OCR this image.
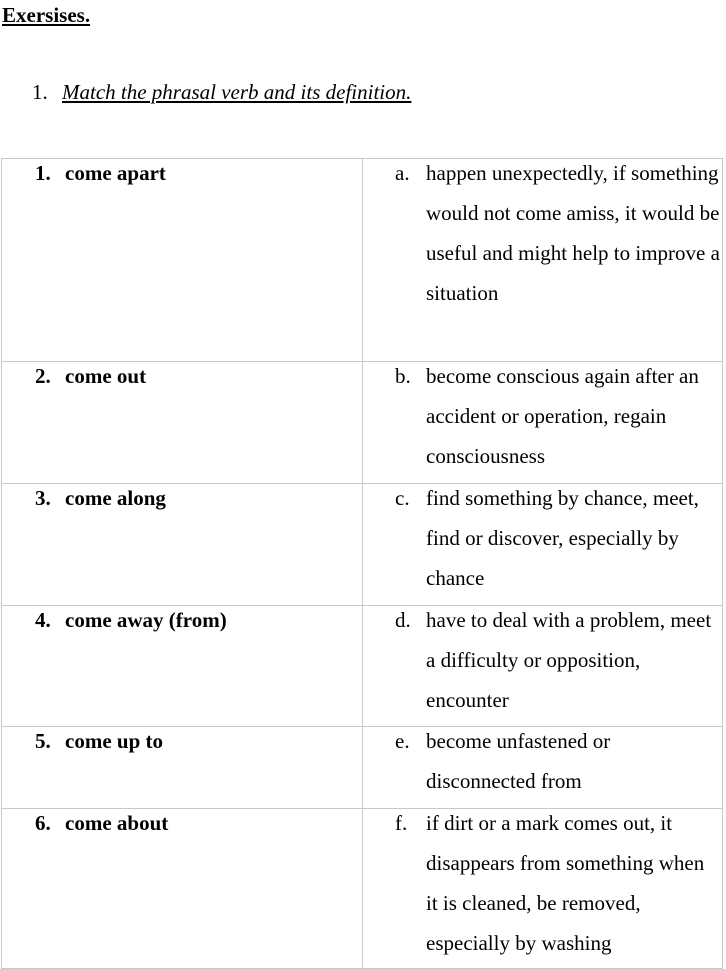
Exersises.

1. Match the phrasal verb and its definition.

1. come apart	a. happen unexpectedly, if something would not come amiss, it would be useful and might help to improve a situation

2. come out	b. become conscious again after an accident or operation, regain consciousness

3. come along	c. find something by chance, meet, find or discover, especially by chance

4. come away (from)	d. have to deal with a problem, meet a difficulty or opposition, encounter

5. come up to	e. become unfastened or disconnected from

6. come about	f. if dirt or a mark comes out, it disappears from something when it is cleaned, be removed, especially by washing
